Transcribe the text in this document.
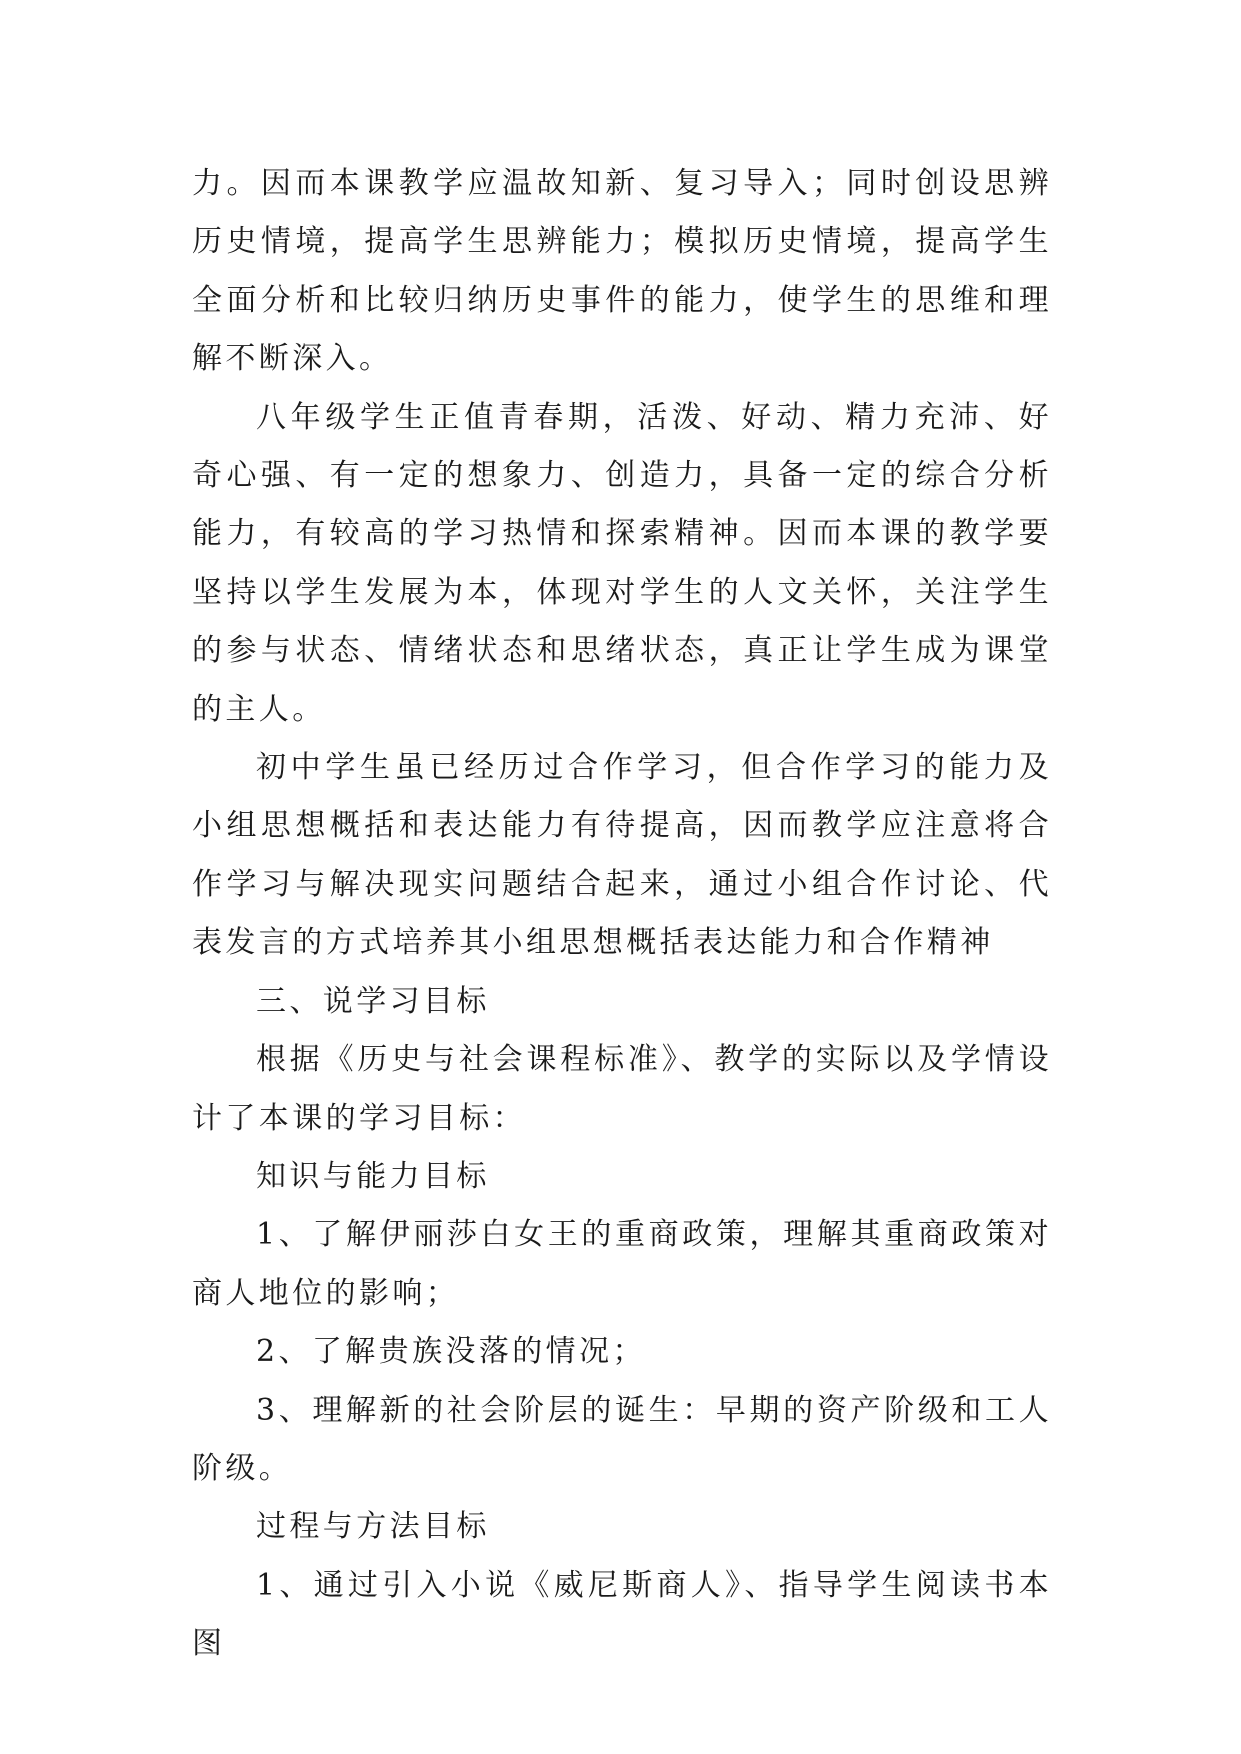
力。因而本课教学应温故知新、复习导入；同时创设思辨历史情境，提高学生思辨能力；模拟历史情境，提高学生全面分析和比较归纳历史事件的能力，使学生的思维和理解不断深入。

八年级学生正值青春期，活泼、好动、精力充沛、好奇心强、有一定的想象力、创造力，具备一定的综合分析能力，有较高的学习热情和探索精神。因而本课的教学要坚持以学生发展为本，体现对学生的人文关怀，关注学生的参与状态、情绪状态和思绪状态，真正让学生成为课堂的主人。

初中学生虽已经历过合作学习，但合作学习的能力及小组思想概括和表达能力有待提高，因而教学应注意将合作学习与解决现实问题结合起来，通过小组合作讨论、代表发言的方式培养其小组思想概括表达能力和合作精神

三、说学习目标

根据《历史与社会课程标准》、教学的实际以及学情设计了本课的学习目标：

知识与能力目标

1、了解伊丽莎白女王的重商政策，理解其重商政策对商人地位的影响；

2、了解贵族没落的情况；

3、理解新的社会阶层的诞生：早期的资产阶级和工人阶级。

过程与方法目标

1、通过引入小说《威尼斯商人》、指导学生阅读书本图
